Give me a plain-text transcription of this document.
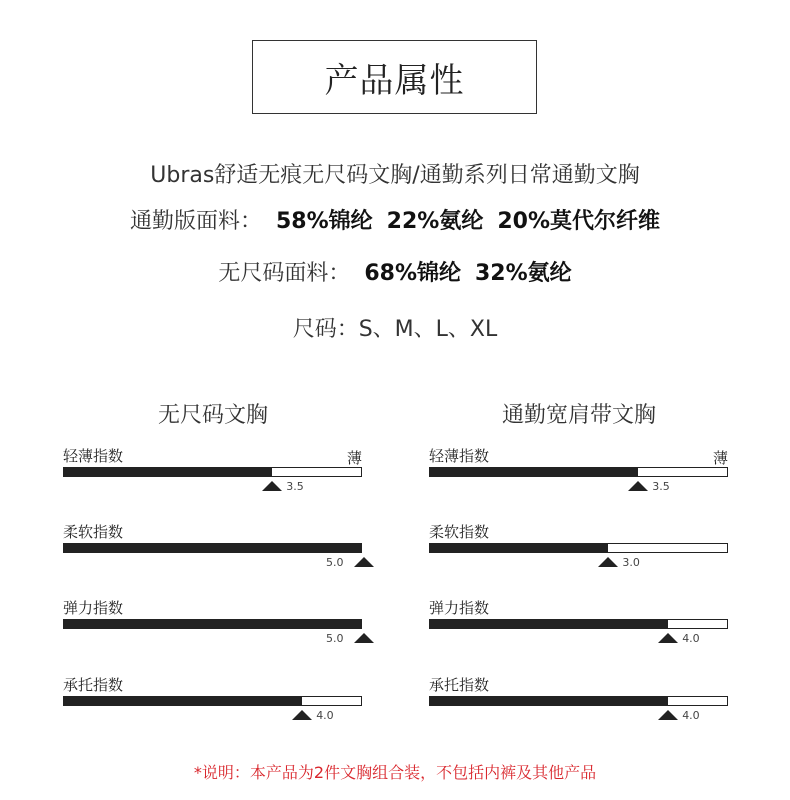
产品属性
Ubras舒适无痕无尺码文胸/通勤系列日常通勤文胸
通勤版面料： 58%锦纶 22%氨纶 20%莫代尔纤维
无尺码面料： 68%锦纶 32%氨纶
尺码：S、M、L、XL
无尺码文胸	通勤宽肩带文胸
轻薄指数	薄
3.5
柔软指数
5.0
弹力指数
5.0
承托指数
4.0
轻薄指数	薄
3.5
柔软指数
3.0
弹力指数
4.0
承托指数
4.0
*说明：本产品为2件文胸组合装，不包括内裤及其他产品
